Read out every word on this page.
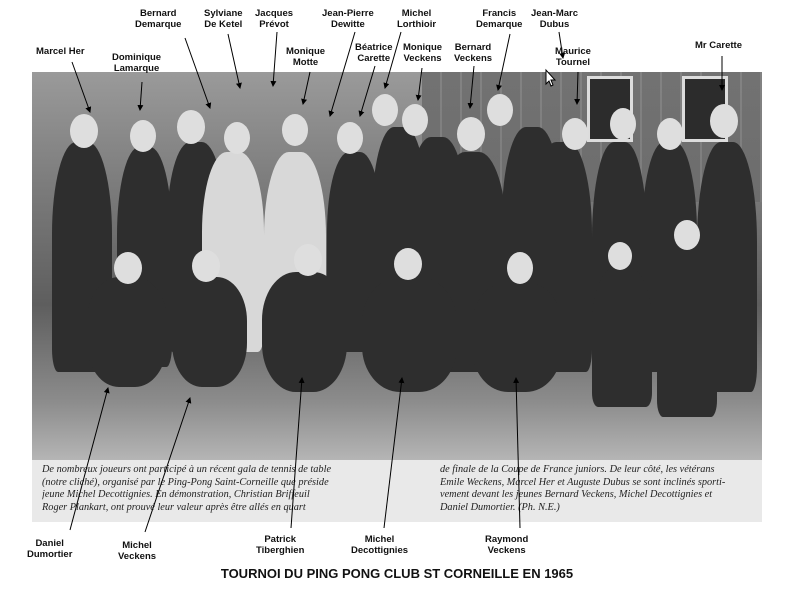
De nombreux joueurs ont participé à un récent gala de tennis de table
(notre cliché), organisé par le Ping-Pong Saint-Corneille que préside
jeune Michel Decottignies. En démonstration, Christian Briffeuil
Roger Plankart, ont prouvé leur valeur après être allés en quart
de finale de la Coupe de France juniors. De leur côté, les vétérans
Emile Weckens, Marcel Her et Auguste Dubus se sont inclinés sporti-
vement devant les jeunes Bernard Veckens, Michel Decottignies et
Daniel Dumortier. (Ph. N.E.)
Marcel Her
Bernard
Demarque
Dominique
Lamarque
Sylviane
De Ketel
Jacques
Prévot
Monique
Motte
Jean-Pierre
Dewitte
Béatrice
Carette
Michel
Lorthioir
Monique
Veckens
Bernard
Veckens
Francis
Demarque
Jean-Marc
Dubus
Maurice
Tournel
Mr Carette
Daniel
Dumortier
Michel
Veckens
Patrick
Tiberghien
Michel
Decottignies
Raymond
Veckens
TOURNOI DU PING PONG CLUB ST CORNEILLE EN 1965
